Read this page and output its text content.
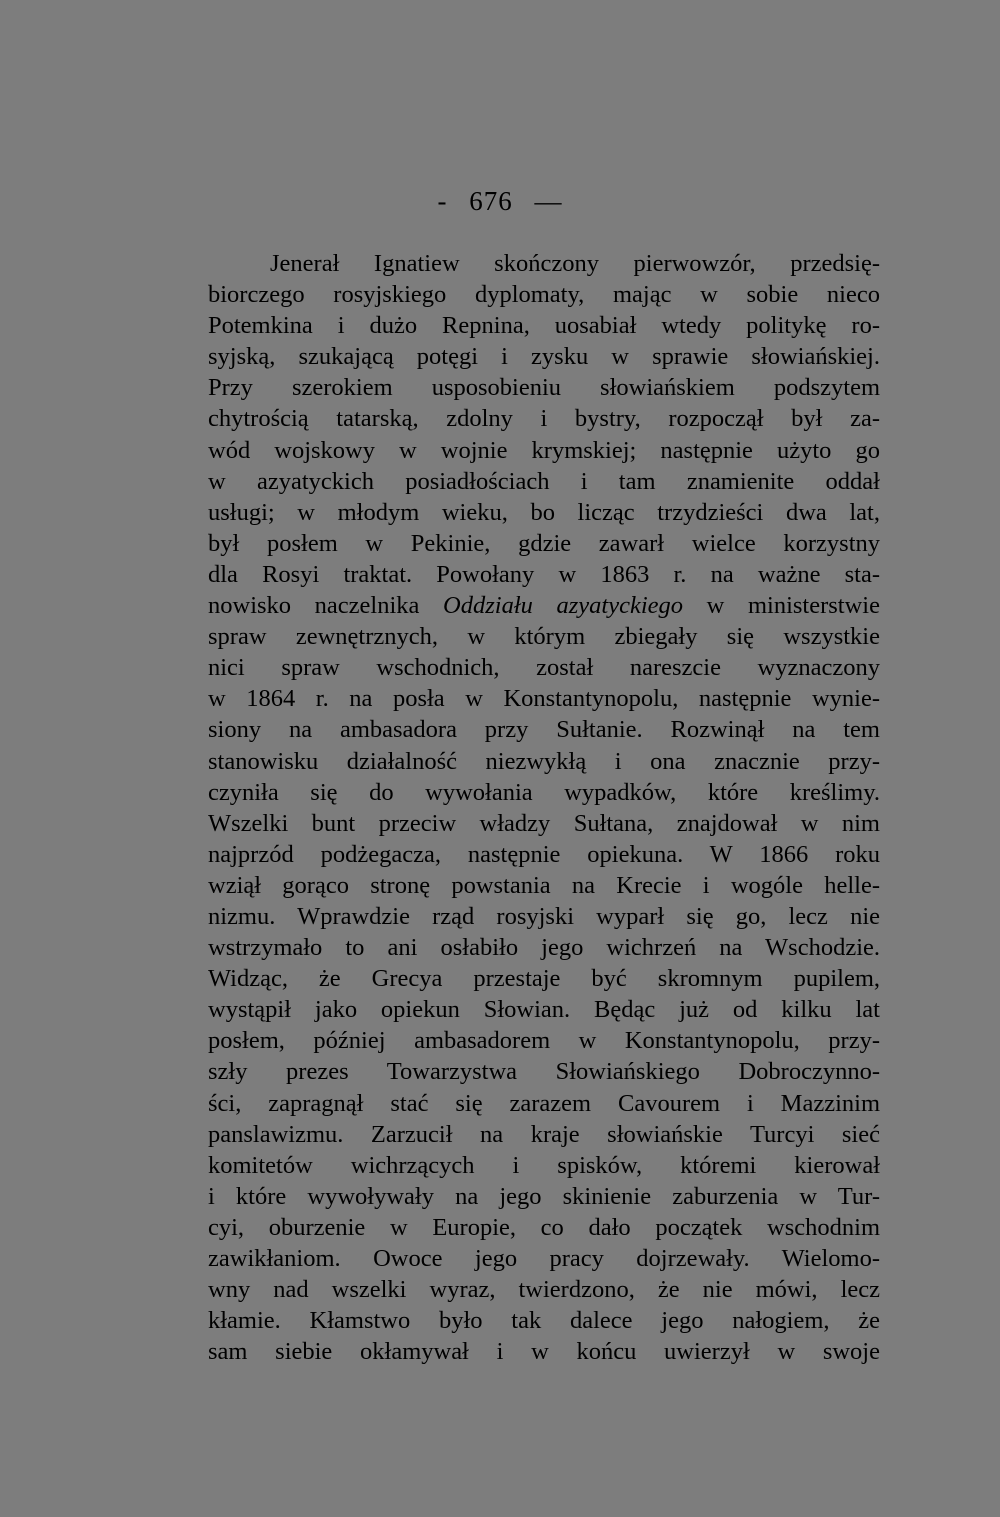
- 676 —
Jenerał Ignatiew skończony pierwowzór, przedsię-
biorczego rosyjskiego dyplomaty, mając w sobie nieco
Potemkina i dużo Repnina, uosabiał wtedy politykę ro-
syjską, szukającą potęgi i zysku w sprawie słowiańskiej.
Przy szerokiem usposobieniu słowiańskiem podszytem
chytrością tatarską, zdolny i bystry, rozpoczął był za-
wód wojskowy w wojnie krymskiej; następnie użyto go
w azyatyckich posiadłościach i tam znamienite oddał
usługi; w młodym wieku, bo licząc trzydzieści dwa lat,
był posłem w Pekinie, gdzie zawarł wielce korzystny
dla Rosyi traktat. Powołany w 1863 r. na ważne sta-
nowisko naczelnika Oddziału azyatyckiego w ministerstwie
spraw zewnętrznych, w którym zbiegały się wszystkie
nici spraw wschodnich, został nareszcie wyznaczony
w 1864 r. na posła w Konstantynopolu, następnie wynie-
siony na ambasadora przy Sułtanie. Rozwinął na tem
stanowisku działalność niezwykłą i ona znacznie przy-
czyniła się do wywołania wypadków, które kreślimy.
Wszelki bunt przeciw władzy Sułtana, znajdował w nim
najprzód podżegacza, następnie opiekuna. W 1866 roku
wziął gorąco stronę powstania na Krecie i wogóle helle-
nizmu. Wprawdzie rząd rosyjski wyparł się go, lecz nie
wstrzymało to ani osłabiło jego wichrzeń na Wschodzie.
Widząc, że Grecya przestaje być skromnym pupilem,
wystąpił jako opiekun Słowian. Będąc już od kilku lat
posłem, później ambasadorem w Konstantynopolu, przy-
szły prezes Towarzystwa Słowiańskiego Dobroczynno-
ści, zapragnął stać się zarazem Cavourem i Mazzinim
panslawizmu. Zarzucił na kraje słowiańskie Turcyi sieć
komitetów wichrzących i spisków, któremi kierował
i które wywoływały na jego skinienie zaburzenia w Tur-
cyi, oburzenie w Europie, co dało początek wschodnim
zawikłaniom. Owoce jego pracy dojrzewały. Wielomo-
wny nad wszelki wyraz, twierdzono, że nie mówi, lecz
kłamie. Kłamstwo było tak dalece jego nałogiem, że
sam siebie okłamywał i w końcu uwierzył w swoje
